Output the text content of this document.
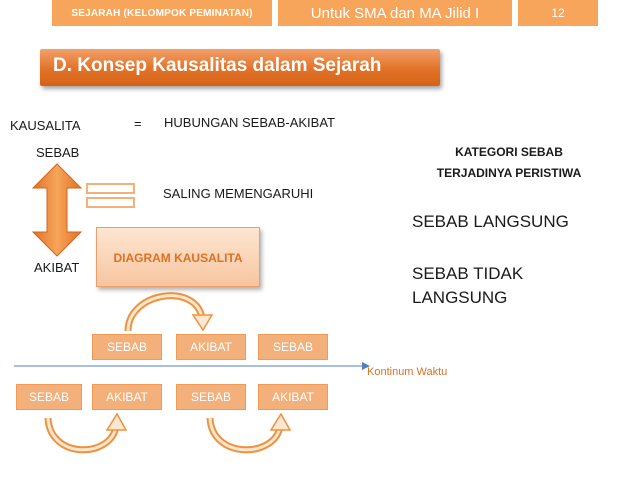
SEJARAH (KELOMPOK PEMINATAN)	Untuk SMA dan MA Jilid I	12
D. Konsep Kausalitas dalam Sejarah
KAUSALITA	= HUBUNGAN SEBAB-AKIBAT
SEBAB
AKIBAT
SALING MEMENGARUHI
DIAGRAM KAUSALITA
KATEGORI SEBAB
TERJADINYA PERISTIWA
SEBAB LANGSUNG
SEBAB TIDAK
LANGSUNG
SEBAB	AKIBAT	SEBAB
Kontinum Waktu
SEBAB	AKIBAT	SEBAB	AKIBAT
